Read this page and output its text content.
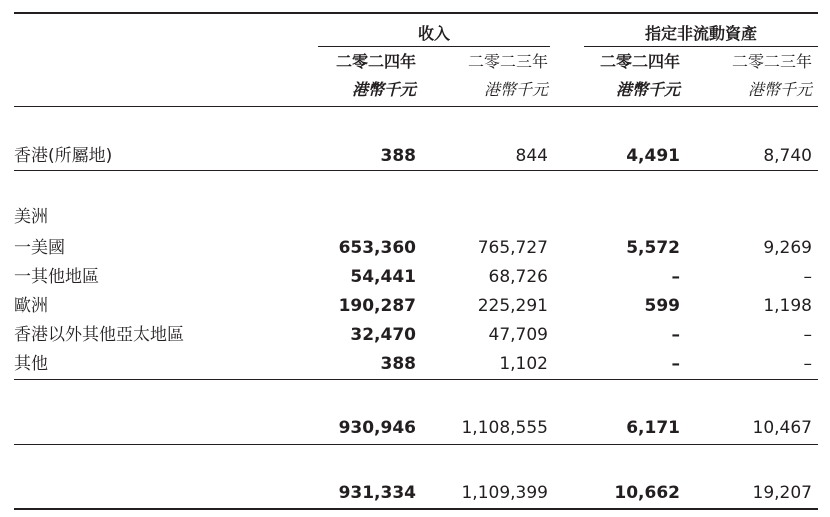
收入	指定非流動資產
二零二四年	二零二三年	二零二四年	二零二三年
港幣千元	港幣千元	港幣千元	港幣千元
香港(所屬地)	388	844	4,491	8,740
美洲
一美國	653,360	765,727	5,572	9,269
一其他地區	54,441	68,726	–	–
歐洲	190,287	225,291	599	1,198
香港以外其他亞太地區	32,470	47,709	–	–
其他	388	1,102	–	–
930,946	1,108,555	6,171	10,467
931,334	1,109,399	10,662	19,207
